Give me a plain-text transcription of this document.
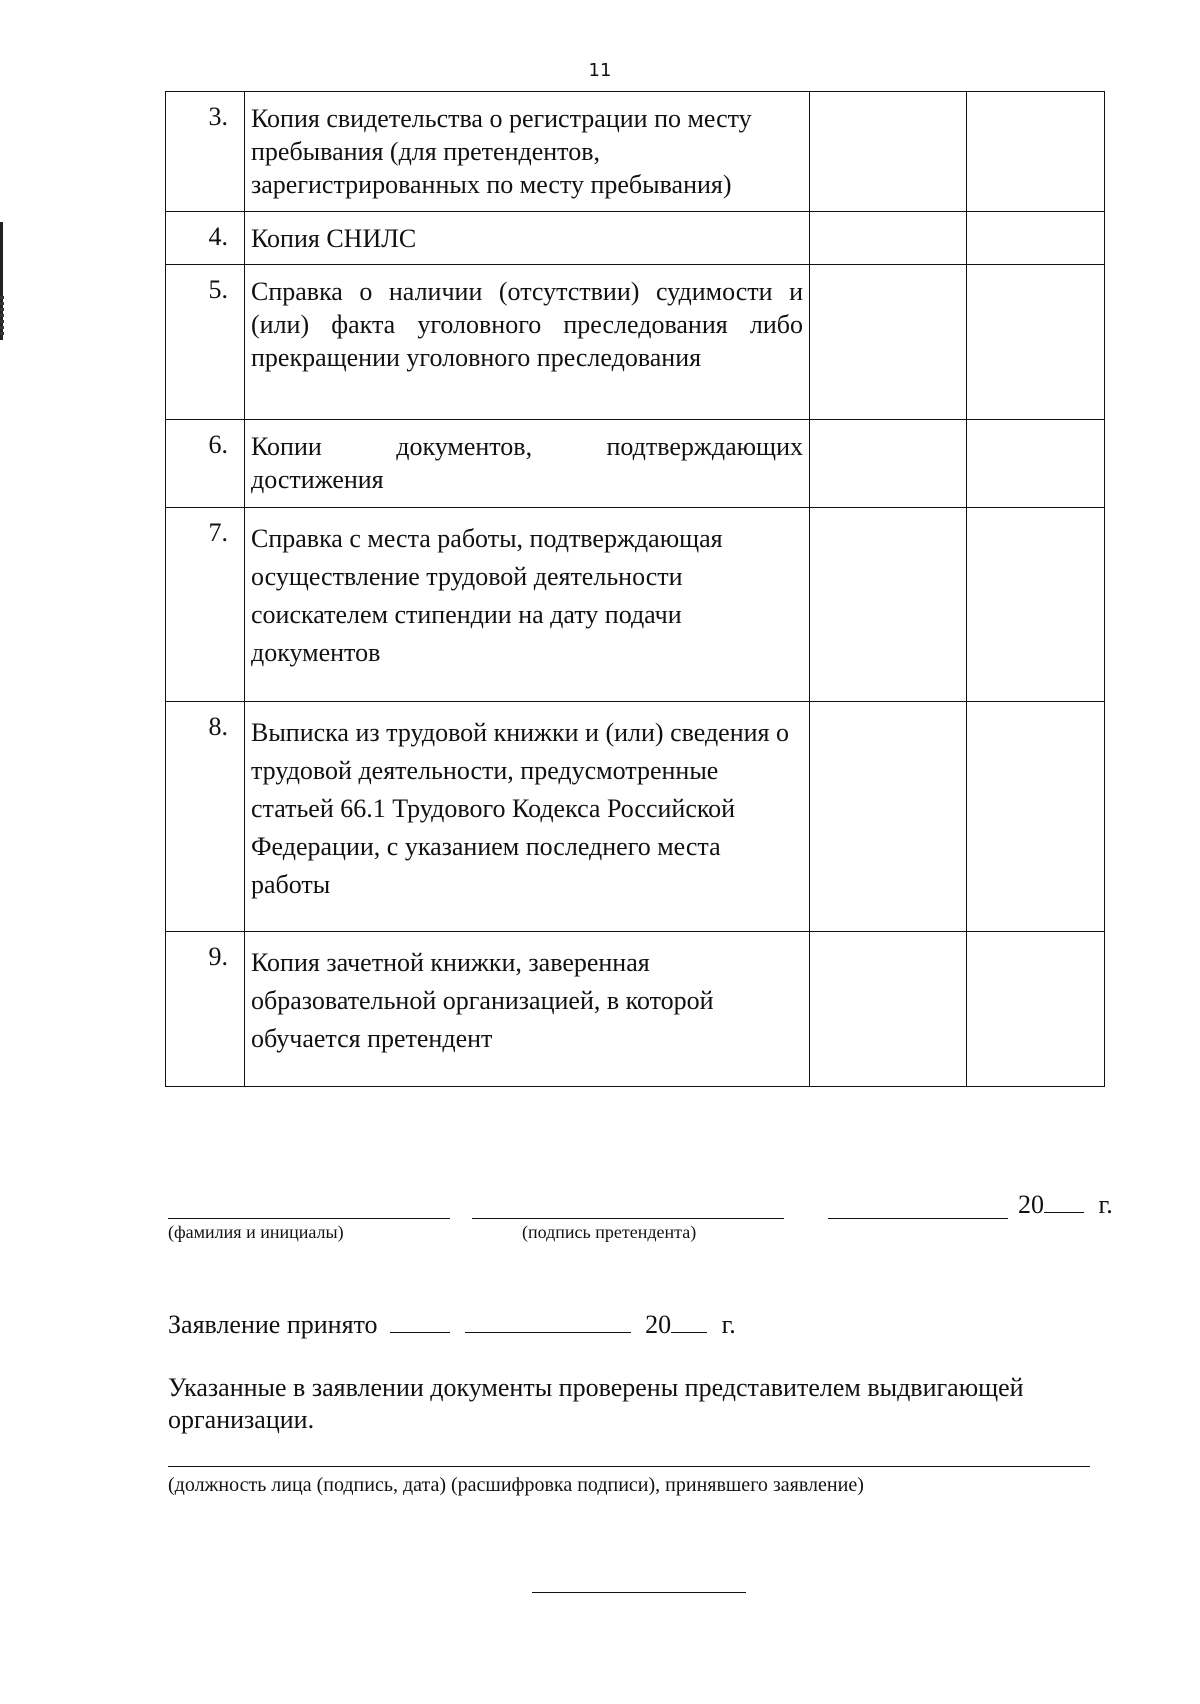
11
3.	Копия свидетельства о регистрации по месту пребывания (для претендентов, зарегистрированных по месту пребывания)		
4.	Копия СНИЛС		
5.	Справка о наличии (отсутствии) судимости и (или) факта уголовного преследования либо прекращении уголовного преследования		
6.	Копии документов, подтверждающих достижения		
7.	Справка с места работы, подтверждающая осуществление трудовой деятельности соискателем стипендии на дату подачи документов		
8.	Выписка из трудовой книжки и (или) сведения о трудовой деятельности, предусмотренные статьей 66.1 Трудового Кодекса Российской Федерации, с указанием последнего места работы		
9.	Копия зачетной книжки, заверенная образовательной организацией, в которой обучается претендент		
20 г.
(фамилия и инициалы)	(подпись претендента)
Заявление принято	20 г.
Указанные в заявлении документы проверены представителем выдвигающей организации.
(должность лица (подпись, дата) (расшифровка подписи), принявшего заявление)
